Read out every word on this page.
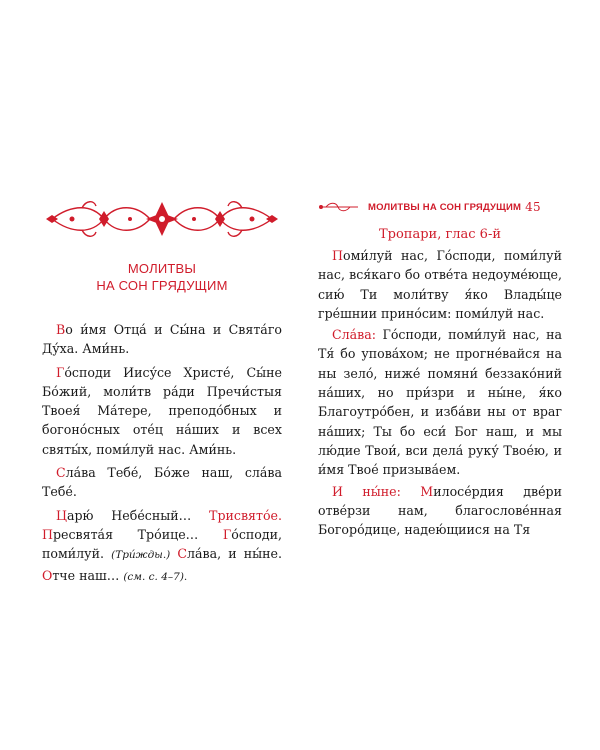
МОЛИТВЫ
НА СОН ГРЯДУЩИМ

Во и́мя Отца́ и Сы́на и Свята́го Ду́ха. Ами́нь.

Го́споди Иису́се Христе́, Сы́не Бо́жий, моли́тв ра́ди Пречи́стыя Твоея́ Ма́тере, преподо́бных и богоно́сных оте́ц на́ших и всех святы́х, поми́луй нас. Ами́нь.

Сла́ва Тебе́, Бо́же наш, сла́ва Тебе́.

Царю́ Небе́сный… Трисвято́е. Пресвята́я Тро́ице… Го́споди, поми́луй. (Три́жды.) Сла́ва, и ны́не. Отче наш… (см. с. 4–7).

МОЛИТВЫ НА СОН ГРЯДУЩИМ 45
Тропари, глас 6-й

Поми́луй нас, Го́споди, поми́луй нас, вся́каго бо отве́та недоуме́юще, сию́ Ти моли́тву я́ко Влады́це гре́шнии прино́сим: поми́луй нас.

Сла́ва: Го́споди, поми́луй нас, на Тя́ бо упова́хом; не прогне́вайся на ны зело́, ниже́ помяни́ беззако́ний на́ших, но при́зри и ны́не, я́ко Благоутро́бен, и изба́ви ны от враг на́ших; Ты бо еси́ Бог наш, и мы лю́дие Твои́, вси дела́ руку́ Твое́ю, и и́мя Твое́ призыва́ем.

И ны́не: Милосе́рдия две́ри отве́рзи нам, благослове́нная Богоро́дице, надею́щиися на Тя
